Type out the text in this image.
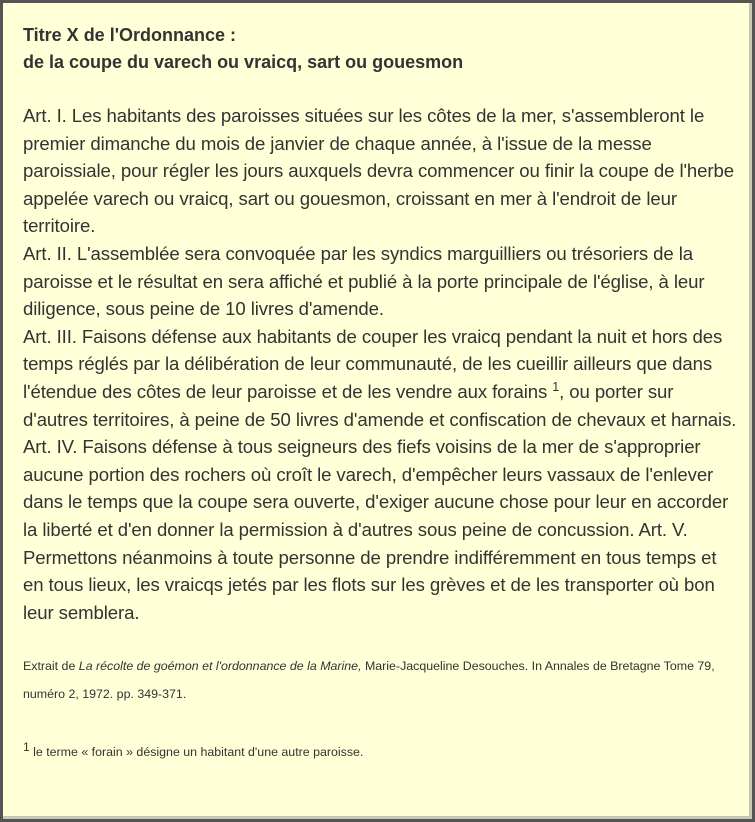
Titre X de l'Ordonnance :
de la coupe du varech ou vraicq, sart ou gouesmon

Art. I. Les habitants des paroisses situées sur les côtes de la mer, s'assembleront le premier dimanche du mois de janvier de chaque année, à l'issue de la messe paroissiale, pour régler les jours auxquels devra commencer ou finir la coupe de l'herbe appelée varech ou vraicq, sart ou gouesmon, croissant en mer à l'endroit de leur territoire.

Art. II. L'assemblée sera convoquée par les syndics marguilliers ou trésoriers de la paroisse et le résultat en sera affiché et publié à la porte principale de l'église, à leur diligence, sous peine de 10 livres d'amende.

Art. III. Faisons défense aux habitants de couper les vraicq pendant la nuit et hors des temps réglés par la délibération de leur communauté, de les cueillir ailleurs que dans l'étendue des côtes de leur paroisse et de les vendre aux forains $^1$, ou porter sur d'autres territoires, à peine de 50 livres d'amende et confiscation de chevaux et harnais.

Art. IV. Faisons défense à tous seigneurs des fiefs voisins de la mer de s'approprier aucune portion des rochers où croît le varech, d'empêcher leurs vassaux de l'enlever dans le temps que la coupe sera ouverte, d'exiger aucune chose pour leur en accorder la liberté et d'en donner la permission à d'autres sous peine de concussion. Art. V. Permettons néanmoins à toute personne de prendre indifféremment en tous temps et en tous lieux, les vraicqs jetés par les flots sur les grèves et de les transporter où bon leur semblera.

Extrait de La récolte de goémon et l'ordonnance de la Marine, Marie-Jacqueline Desouches. In Annales de Bretagne Tome 79, numéro 2, 1972. pp. 349-371.
$^1$ le terme « forain » désigne un habitant d'une autre paroisse.
